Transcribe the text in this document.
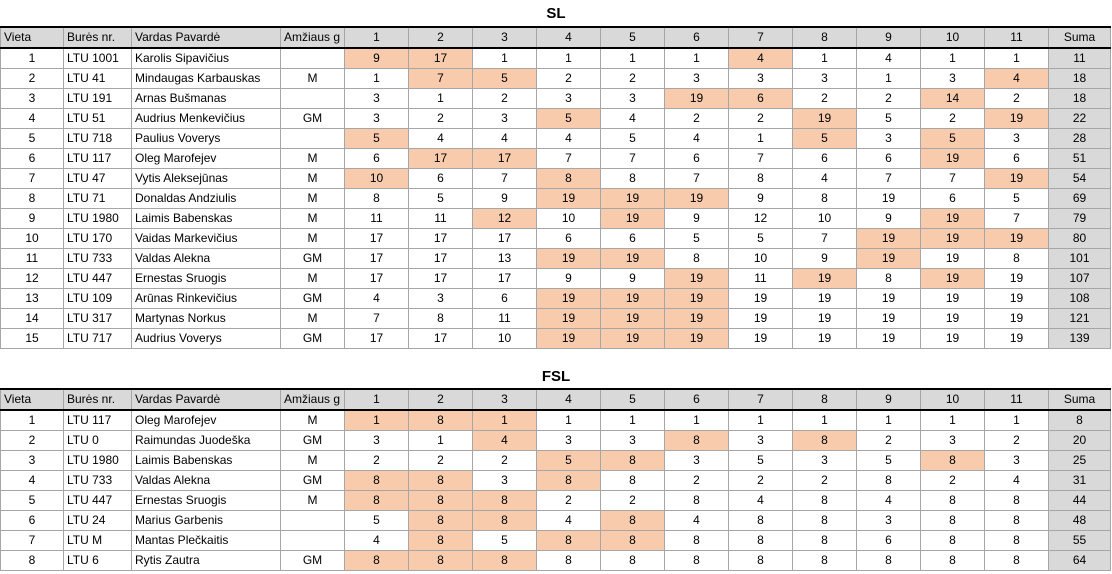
SL
Vieta	Burės nr.	Vardas Pavardė	Amžiaus g	1	2	3	4	5	6	7	8	9	10	11	Suma
1	LTU 1001	Karolis Sipavičius		9	17	1	1	1	1	4	1	4	1	1	11
2	LTU 41	Mindaugas Karbauskas	M	1	7	5	2	2	3	3	3	1	3	4	18
3	LTU 191	Arnas Bušmanas		3	1	2	3	3	19	6	2	2	14	2	18
4	LTU 51	Audrius Menkevičius	GM	3	2	3	5	4	2	2	19	5	2	19	22
5	LTU 718	Paulius Voverys		5	4	4	4	5	4	1	5	3	5	3	28
6	LTU 117	Oleg Marofejev	M	6	17	17	7	7	6	7	6	6	19	6	51
7	LTU 47	Vytis Aleksejūnas	M	10	6	7	8	8	7	8	4	7	7	19	54
8	LTU 71	Donaldas Andziulis	M	8	5	9	19	19	19	9	8	19	6	5	69
9	LTU 1980	Laimis Babenskas	M	11	11	12	10	19	9	12	10	9	19	7	79
10	LTU 170	Vaidas Markevičius	M	17	17	17	6	6	5	5	7	19	19	19	80
11	LTU 733	Valdas Alekna	GM	17	17	13	19	19	8	10	9	19	19	8	101
12	LTU 447	Ernestas Sruogis	M	17	17	17	9	9	19	11	19	8	19	19	107
13	LTU 109	Arūnas Rinkevičius	GM	4	3	6	19	19	19	19	19	19	19	19	108
14	LTU 317	Martynas Norkus	M	7	8	11	19	19	19	19	19	19	19	19	121
15	LTU 717	Audrius Voverys	GM	17	17	10	19	19	19	19	19	19	19	19	139
FSL
Vieta	Burės nr.	Vardas Pavardė	Amžiaus g	1	2	3	4	5	6	7	8	9	10	11	Suma
1	LTU 117	Oleg Marofejev	M	1	8	1	1	1	1	1	1	1	1	1	8
2	LTU 0	Raimundas Juodeška	GM	3	1	4	3	3	8	3	8	2	3	2	20
3	LTU 1980	Laimis Babenskas	M	2	2	2	5	8	3	5	3	5	8	3	25
4	LTU 733	Valdas Alekna	GM	8	8	3	8	8	2	2	2	8	2	4	31
5	LTU 447	Ernestas Sruogis	M	8	8	8	2	2	8	4	8	4	8	8	44
6	LTU 24	Marius Garbenis		5	8	8	4	8	4	8	8	3	8	8	48
7	LTU M	Mantas Plečkaitis		4	8	5	8	8	8	8	8	6	8	8	55
8	LTU 6	Rytis Zautra	GM	8	8	8	8	8	8	8	8	8	8	8	64
